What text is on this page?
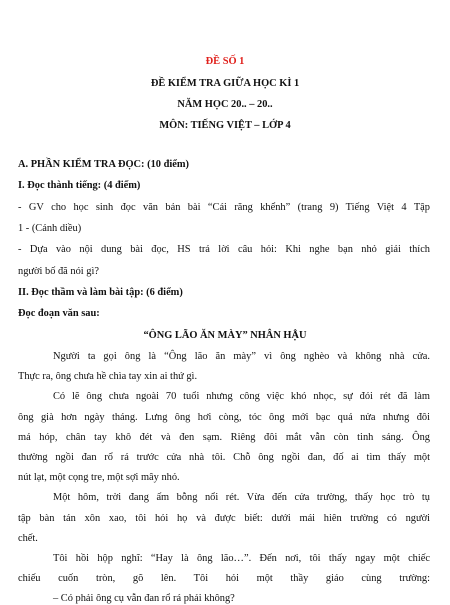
ĐỀ SỐ 1
ĐỀ KIỂM TRA GIỮA HỌC KÌ 1
NĂM HỌC 20.. – 20..
MÔN: TIẾNG VIỆT – LỚP 4
A. PHẦN KIỂM TRA ĐỌC: (10 điểm)
I. Đọc thành tiếng: (4 điểm)
- GV cho học sinh đọc văn bản bài “Cái răng khểnh” (trang 9) Tiếng Việt 4 Tập
1 - (Cánh diều)
- Dựa vào nội dung bài đọc, HS trả lời câu hỏi: Khi nghe bạn nhỏ giải thích
người bố đã nói gì?
II. Đọc thầm và làm bài tập: (6 điểm)
Đọc đoạn văn sau:
“ÔNG LÃO ĂN MÀY” NHÂN HẬU
Người ta gọi ông là “Ông lão ăn mày” vì ông nghèo và không nhà cửa.
Thực ra, ông chưa hề chìa tay xin ai thứ gì.
Có lẽ ông chưa ngoài 70 tuổi nhưng công việc khó nhọc, sự đói rét đã làm
ông già hơn ngày tháng. Lưng ông hơi còng, tóc ông mới bạc quá nửa nhưng đôi
má hóp, chân tay khô đét và đen sạm. Riêng đôi mắt vẫn còn tinh sáng. Ông
thường ngồi đan rổ rá trước cửa nhà tôi. Chỗ ông ngồi đan, đố ai tìm thấy một
nút lạt, một cọng tre, một sợi mây nhỏ.
Một hôm, trời đang ấm bỗng nổi rét. Vừa đến cửa trường, thấy học trò tụ
tập bàn tán xôn xao, tôi hỏi họ và được biết: dưới mái hiên trường có người
chết.
Tôi hồi hộp nghĩ: “Hay là ông lão…”. Đến nơi, tôi thấy ngay một chiếc
chiếu cuốn tròn, gõ lên. Tôi hỏi một thầy giáo cùng trường:
– Có phải ông cụ vẫn đan rổ rá phải không?
